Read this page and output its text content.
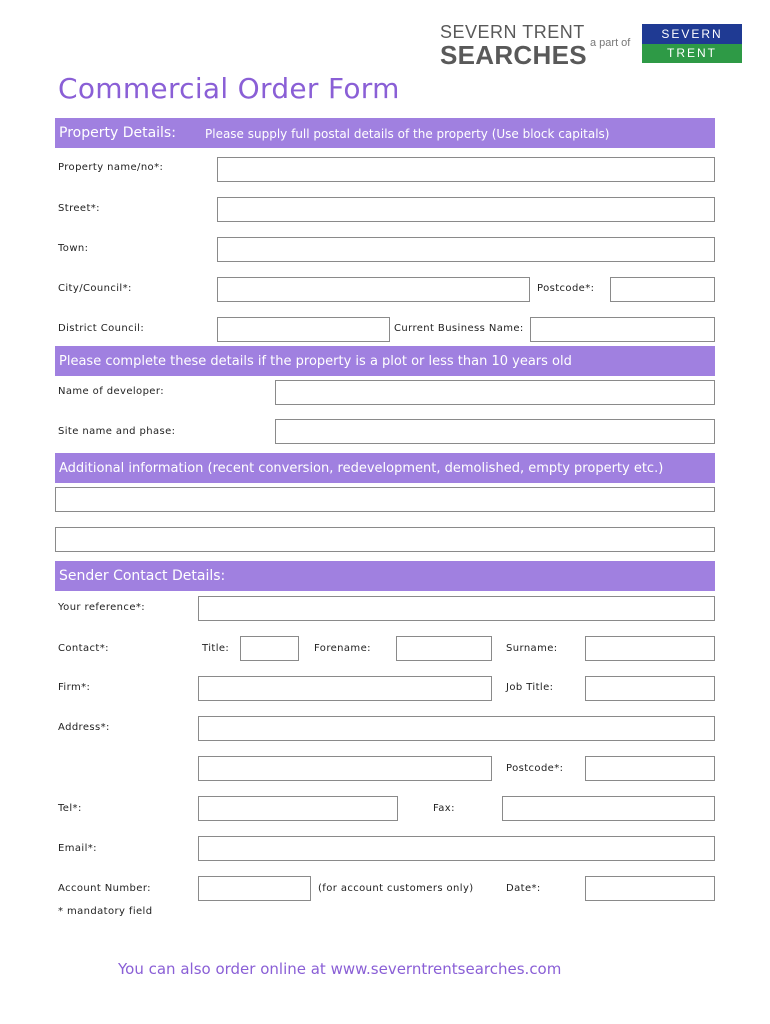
SEVERN TRENT
SEARCHES a part of
SEVERN
TRENT
Commercial Order Form
Property Details: Please supply full postal details of the property (Use block capitals)
Property name/no*:
Street*:
Town:
City/Council*:	Postcode*:
District Council:	Current Business Name:
Please complete these details if the property is a plot or less than 10 years old
Name of developer:
Site name and phase:
Additional information (recent conversion, redevelopment, demolished, empty property etc.)
Sender Contact Details:
Your reference*:
Contact*:	Title:	Forename:	Surname:
Firm*:	Job Title:
Address*:
Postcode*:
Tel*:	Fax:
Email*:
Account Number:	(for account customers only)	Date*:
* mandatory field
You can also order online at www.severntrentsearches.com
